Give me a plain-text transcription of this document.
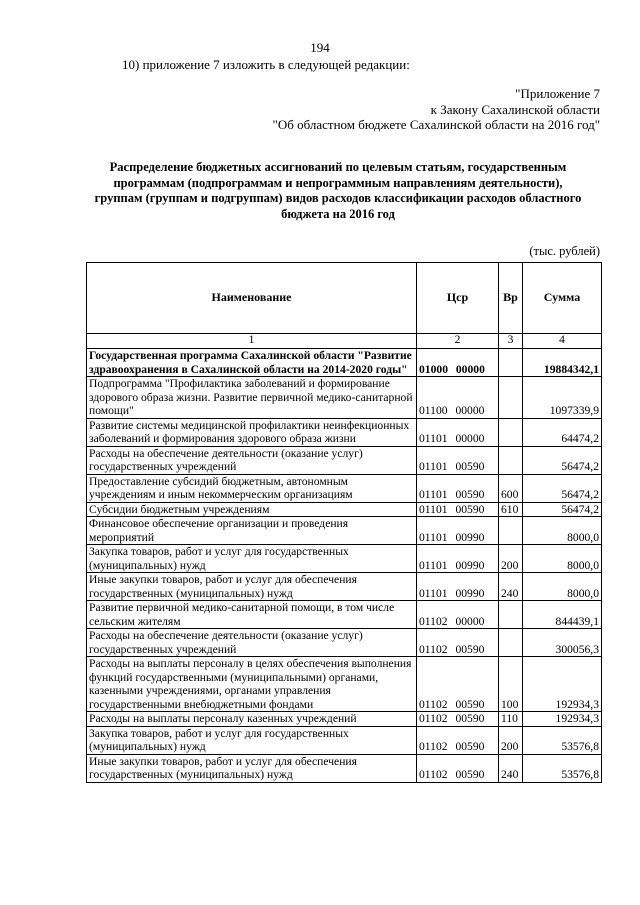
194
10) приложение 7 изложить в следующей редакции:
"Приложение 7
к Закону Сахалинской области
"Об областном бюджете Сахалинской области на 2016 год"
Распределение бюджетных ассигнований по целевым статьям, государственным
программам (подпрограммам и непрограммным направлениям деятельности),
группам (группам и подгруппам) видов расходов классификации расходов областного
бюджета на 2016 год
(тыс. рублей)
Наименование	Цср	Вр	Сумма
1	2	3	4
Государственная программа Сахалинской области "Развитие здравоохранения в Сахалинской области на 2014-2020 годы"	01000 00000		19884342,1
Подпрограмма "Профилактика заболеваний и формирование здорового образа жизни. Развитие первичной медико-санитарной помощи"	01100 00000		1097339,9
Развитие системы медицинской профилактики неинфекционных заболеваний и формирования здорового образа жизни	01101 00000		64474,2
Расходы на обеспечение деятельности (оказание услуг) государственных учреждений	01101 00590		56474,2
Предоставление субсидий бюджетным, автономным учреждениям и иным некоммерческим организациям	01101 00590	600	56474,2
Субсидии бюджетным учреждениям	01101 00590	610	56474,2
Финансовое обеспечение организации и проведения мероприятий	01101 00990		8000,0
Закупка товаров, работ и услуг для государственных (муниципальных) нужд	01101 00990	200	8000,0
Иные закупки товаров, работ и услуг для обеспечения государственных (муниципальных) нужд	01101 00990	240	8000,0
Развитие первичной медико-санитарной помощи, в том числе сельским жителям	01102 00000		844439,1
Расходы на обеспечение деятельности (оказание услуг) государственных учреждений	01102 00590		300056,3
Расходы на выплаты персоналу в целях обеспечения выполнения функций государственными (муниципальными) органами, казенными учреждениями, органами управления государственными внебюджетными фондами	01102 00590	100	192934,3
Расходы на выплаты персоналу казенных учреждений	01102 00590	110	192934,3
Закупка товаров, работ и услуг для государственных (муниципальных) нужд	01102 00590	200	53576,8
Иные закупки товаров, работ и услуг для обеспечения государственных (муниципальных) нужд	01102 00590	240	53576,8
